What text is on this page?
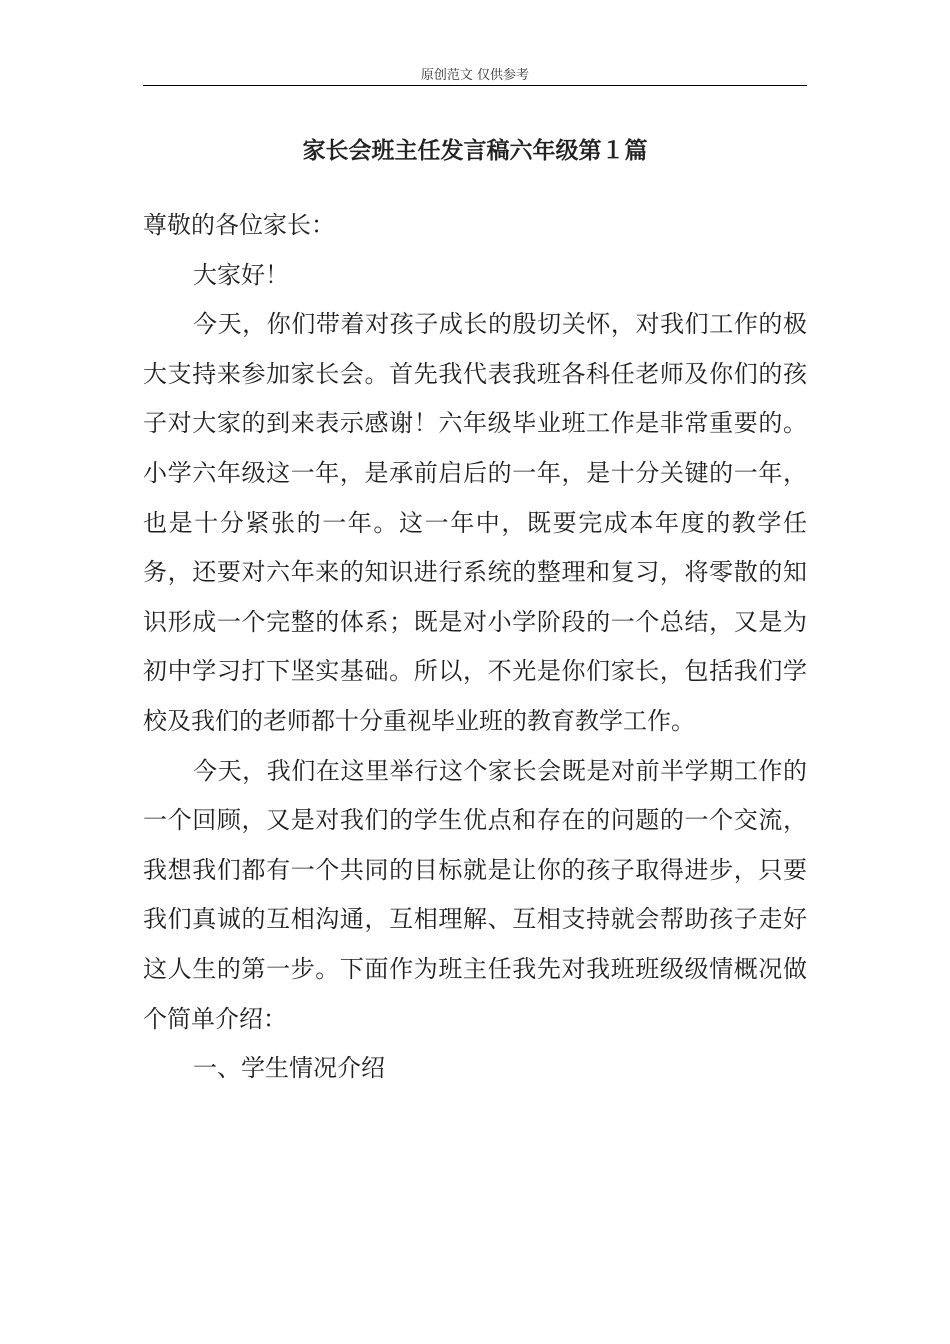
原创范文 仅供参考
家长会班主任发言稿六年级第１篇

尊敬的各位家长：

大家好！

今天，你们带着对孩子成长的殷切关怀，对我们工作的极大支持来参加家长会。首先我代表我班各科任老师及你们的孩子对大家的到来表示感谢！六年级毕业班工作是非常重要的。小学六年级这一年，是承前启后的一年，是十分关键的一年，也是十分紧张的一年。这一年中，既要完成本年度的教学任务，还要对六年来的知识进行系统的整理和复习，将零散的知识形成一个完整的体系；既是对小学阶段的一个总结，又是为初中学习打下坚实基础。所以，不光是你们家长，包括我们学校及我们的老师都十分重视毕业班的教育教学工作。

今天，我们在这里举行这个家长会既是对前半学期工作的一个回顾，又是对我们的学生优点和存在的问题的一个交流，我想我们都有一个共同的目标就是让你的孩子取得进步，只要我们真诚的互相沟通，互相理解、互相支持就会帮助孩子走好这人生的第一步。下面作为班主任我先对我班班级级情概况做个简单介绍：

一、学生情况介绍
